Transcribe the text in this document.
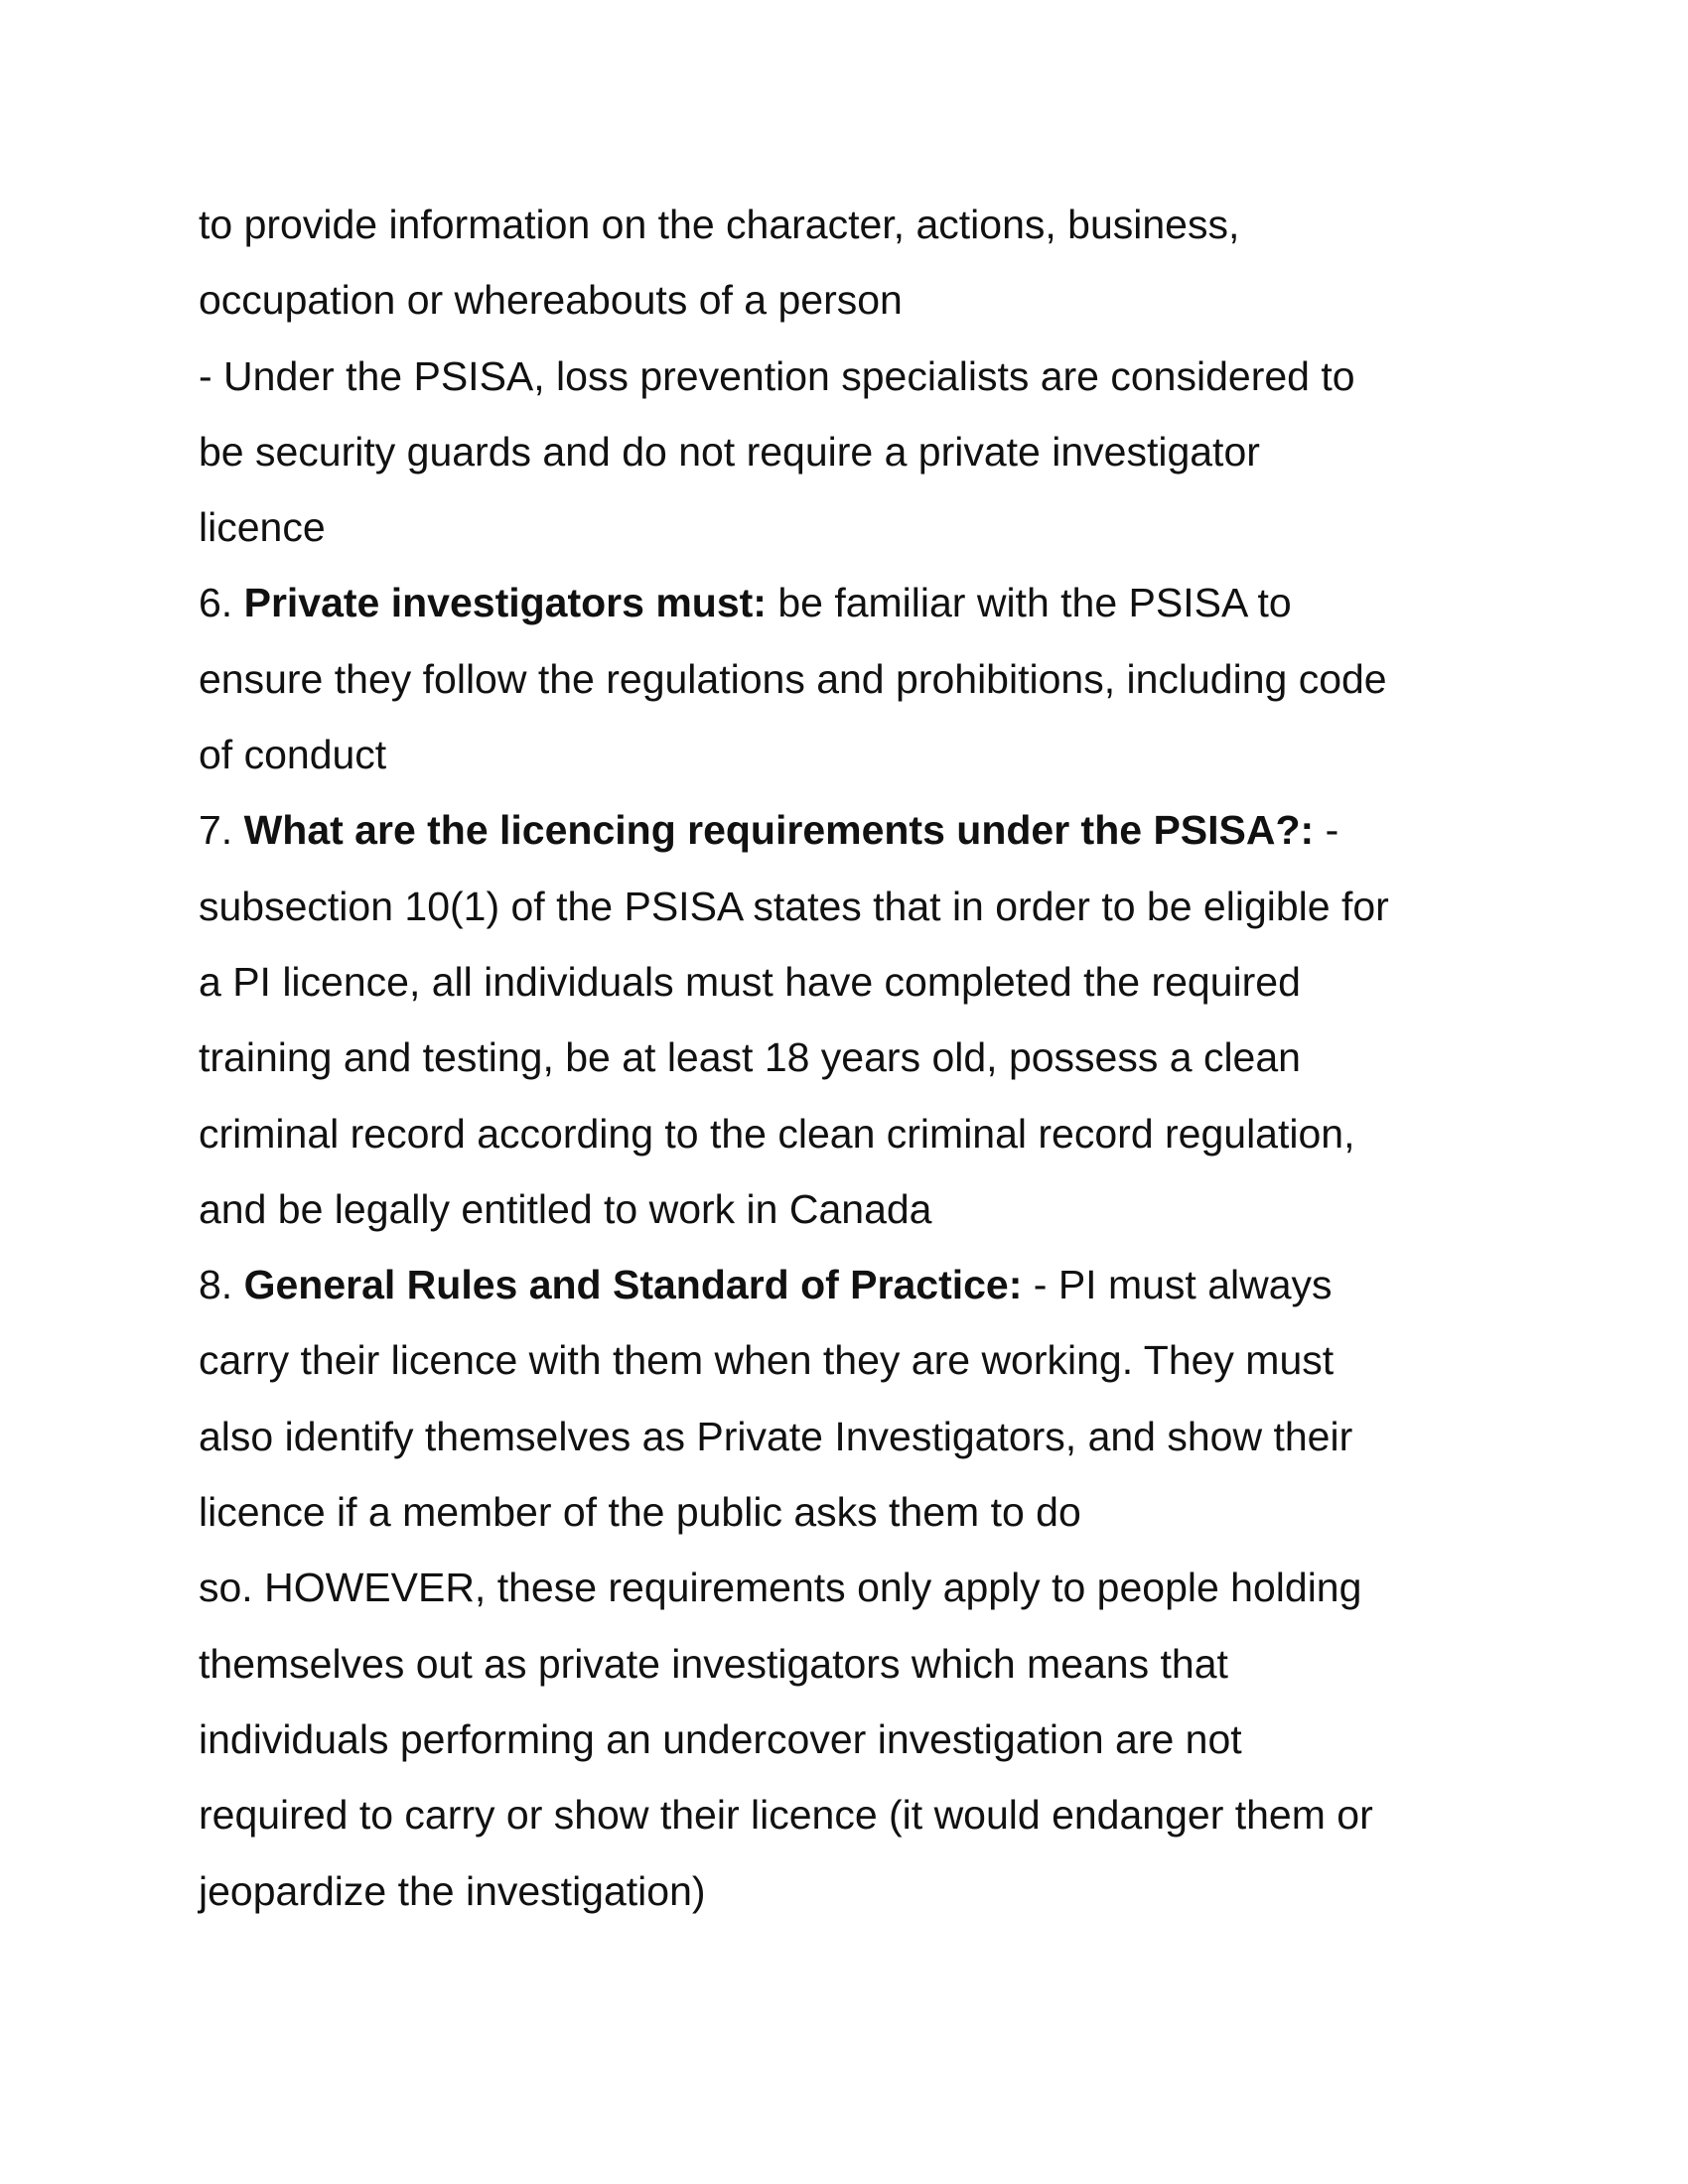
to provide information on the character, actions, business,
occupation or whereabouts of a person
- Under the PSISA, loss prevention specialists are considered to
be security guards and do not require a private investigator
licence
6. Private investigators must: be familiar with the PSISA to
ensure they follow the regulations and prohibitions, including code
of conduct
7. What are the licencing requirements under the PSISA?: -
subsection 10(1) of the PSISA states that in order to be eligible for
a PI licence, all individuals must have completed the required
training and testing, be at least 18 years old, possess a clean
criminal record according to the clean criminal record regulation,
and be legally entitled to work in Canada
8. General Rules and Standard of Practice: - PI must always
carry their licence with them when they are working. They must
also identify themselves as Private Investigators, and show their
licence if a member of the public asks them to do
so. HOWEVER, these requirements only apply to people holding
themselves out as private investigators which means that
individuals performing an undercover investigation are not
required to carry or show their licence (it would endanger them or
jeopardize the investigation)
